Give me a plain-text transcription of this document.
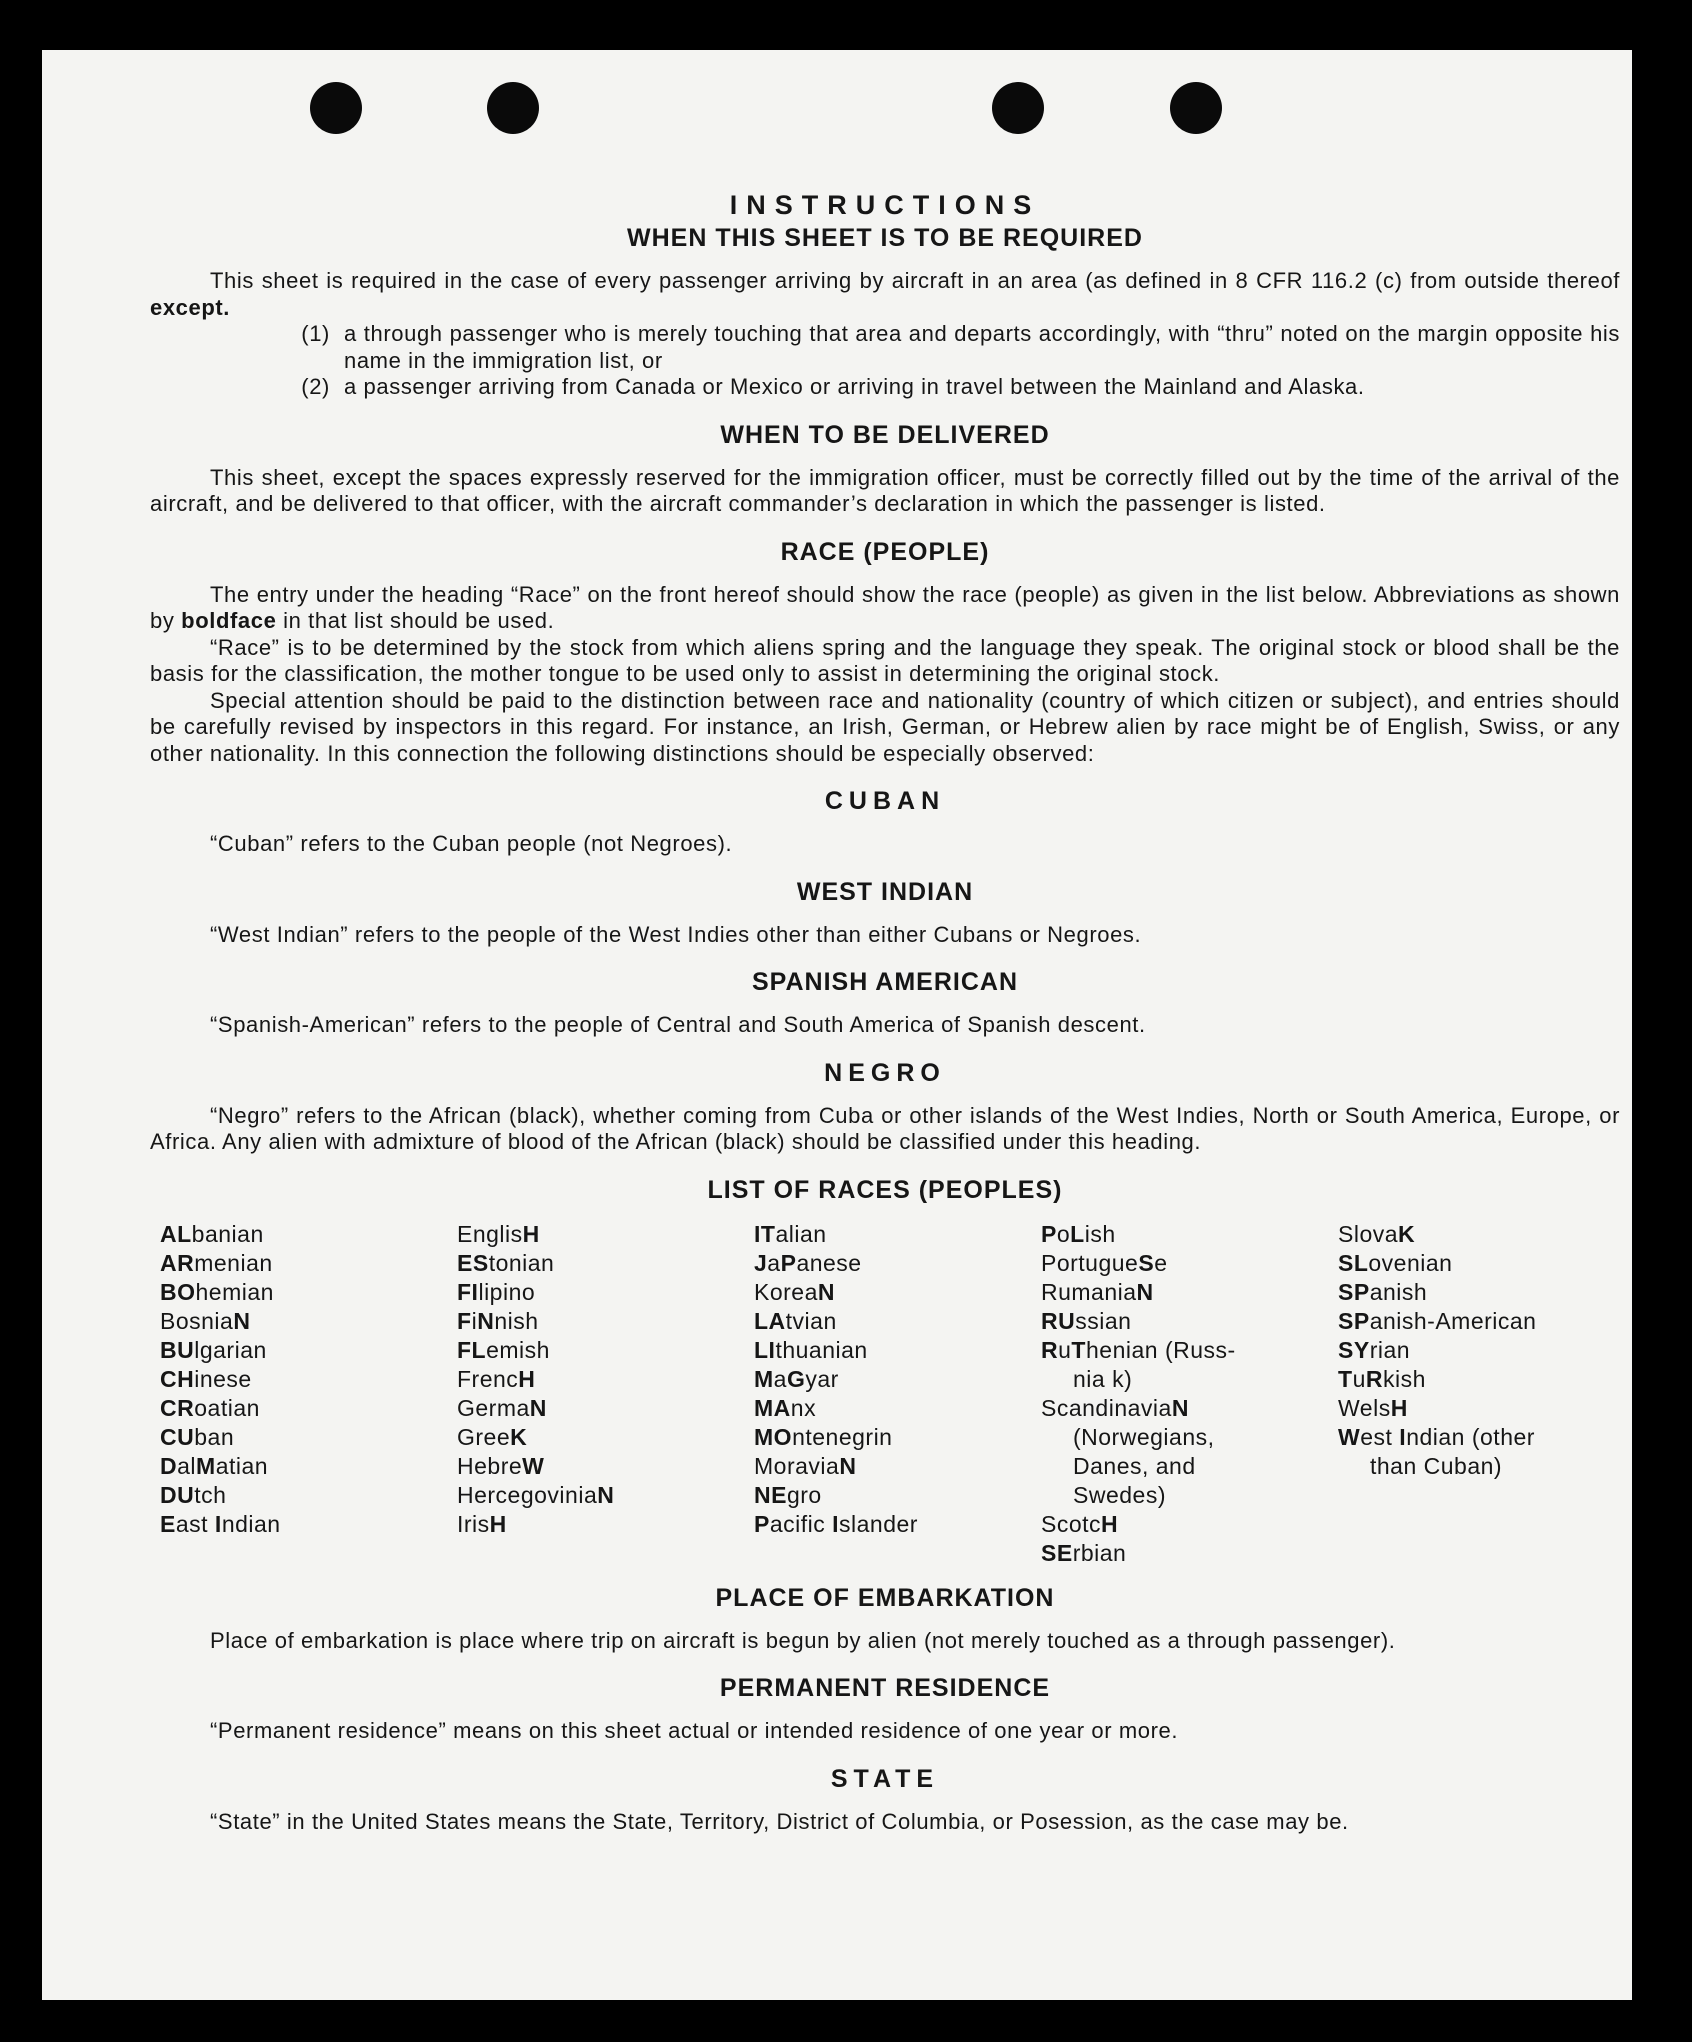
INSTRUCTIONS
WHEN THIS SHEET IS TO BE REQUIRED

This sheet is required in the case of every passenger arriving by aircraft in an area (as defined in 8 CFR 116.2 (c) from outside thereof except.

(1) a through passenger who is merely touching that area and departs accordingly, with “thru” noted on the margin opposite his name in the immigration list, or
(2) a passenger arriving from Canada or Mexico or arriving in travel between the Mainland and Alaska.
WHEN TO BE DELIVERED

This sheet, except the spaces expressly reserved for the immigration officer, must be correctly filled out by the time of the arrival of the aircraft, and be delivered to that officer, with the aircraft commander’s declaration in which the passenger is listed.

RACE (PEOPLE)

The entry under the heading “Race” on the front hereof should show the race (people) as given in the list below. Abbreviations as shown by boldface in that list should be used.

“Race” is to be determined by the stock from which aliens spring and the language they speak. The original stock or blood shall be the basis for the classification, the mother tongue to be used only to assist in determining the original stock.

Special attention should be paid to the distinction between race and nationality (country of which citizen or subject), and entries should be carefully revised by inspectors in this regard. For instance, an Irish, German, or Hebrew alien by race might be of English, Swiss, or any other nationality. In this connection the following distinctions should be especially observed:

CUBAN

“Cuban” refers to the Cuban people (not Negroes).

WEST INDIAN

“West Indian” refers to the people of the West Indies other than either Cubans or Negroes.

SPANISH AMERICAN

“Spanish-American” refers to the people of Central and South America of Spanish descent.

NEGRO

“Negro” refers to the African (black), whether coming from Cuba or other islands of the West Indies, North or South America, Europe, or Africa. Any alien with admixture of blood of the African (black) should be classified under this heading.

LIST OF RACES (PEOPLES)
ALbanian
ARmenian
BOhemian
BosniaN
BUlgarian
CHinese
CRoatian
CUban
DalMatian
DUtch
East Indian
EnglisH
EStonian
FIlipino
FiNnish
FLemish
FrencH
GermaN
GreeK
HebreW
HercegoviniaN
IrisH
ITalian
JaPanese
KoreaN
LAtvian
LIthuanian
MaGyar
MAnx
MOntenegrin
MoraviaN
NEgro
Pacific Islander
PoLish
PortugueSe
RumaniaN
RUssian
RuThenian (Russ-
nia k)
ScandinaviaN
(Norwegians,
Danes, and
Swedes)
ScotcH
SErbian
SlovaK
SLovenian
SPanish
SPanish-American
SYrian
TuRkish
WelsH
West Indian (other
than Cuban)
PLACE OF EMBARKATION

Place of embarkation is place where trip on aircraft is begun by alien (not merely touched as a through passenger).

PERMANENT RESIDENCE

“Permanent residence” means on this sheet actual or intended residence of one year or more.

STATE

“State” in the United States means the State, Territory, District of Columbia, or Posession, as the case may be.
